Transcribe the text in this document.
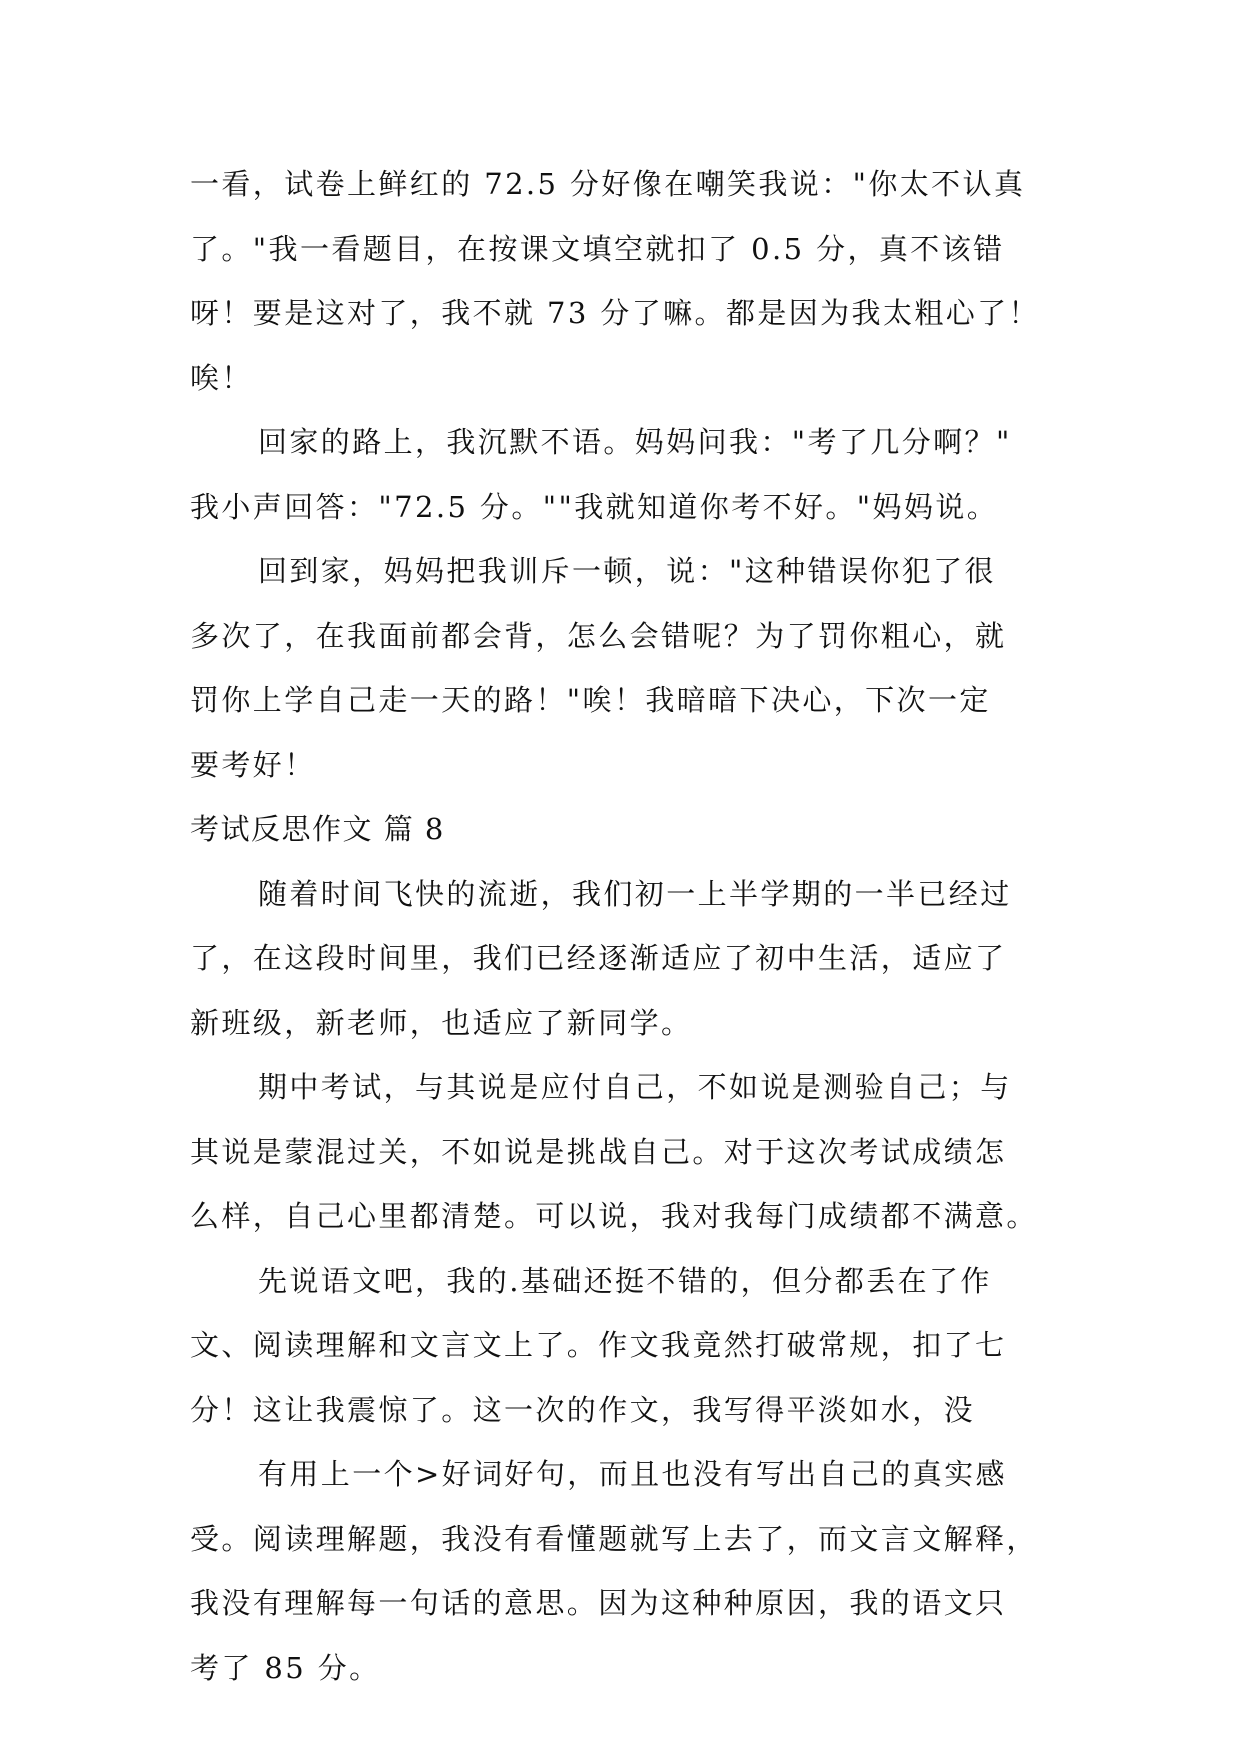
一看，试卷上鲜红的 72.5 分好像在嘲笑我说："你太不认真
了。"我一看题目，在按课文填空就扣了 0.5 分，真不该错
呀！要是这对了，我不就 73 分了嘛。都是因为我太粗心了！
唉！
回家的路上，我沉默不语。妈妈问我："考了几分啊？"
我小声回答："72.5 分。""我就知道你考不好。"妈妈说。
回到家，妈妈把我训斥一顿，说："这种错误你犯了很
多次了，在我面前都会背，怎么会错呢？为了罚你粗心，就
罚你上学自己走一天的路！"唉！我暗暗下决心，下次一定
要考好！
考试反思作文 篇 8
随着时间飞快的流逝，我们初一上半学期的一半已经过
了，在这段时间里，我们已经逐渐适应了初中生活，适应了
新班级，新老师，也适应了新同学。
期中考试，与其说是应付自己，不如说是测验自己；与
其说是蒙混过关，不如说是挑战自己。对于这次考试成绩怎
么样，自己心里都清楚。可以说，我对我每门成绩都不满意。
先说语文吧，我的.基础还挺不错的，但分都丢在了作
文、阅读理解和文言文上了。作文我竟然打破常规，扣了七
分！这让我震惊了。这一次的作文，我写得平淡如水，没
有用上一个>好词好句，而且也没有写出自己的真实感
受。阅读理解题，我没有看懂题就写上去了，而文言文解释，
我没有理解每一句话的意思。因为这种种原因，我的语文只
考了 85 分。
